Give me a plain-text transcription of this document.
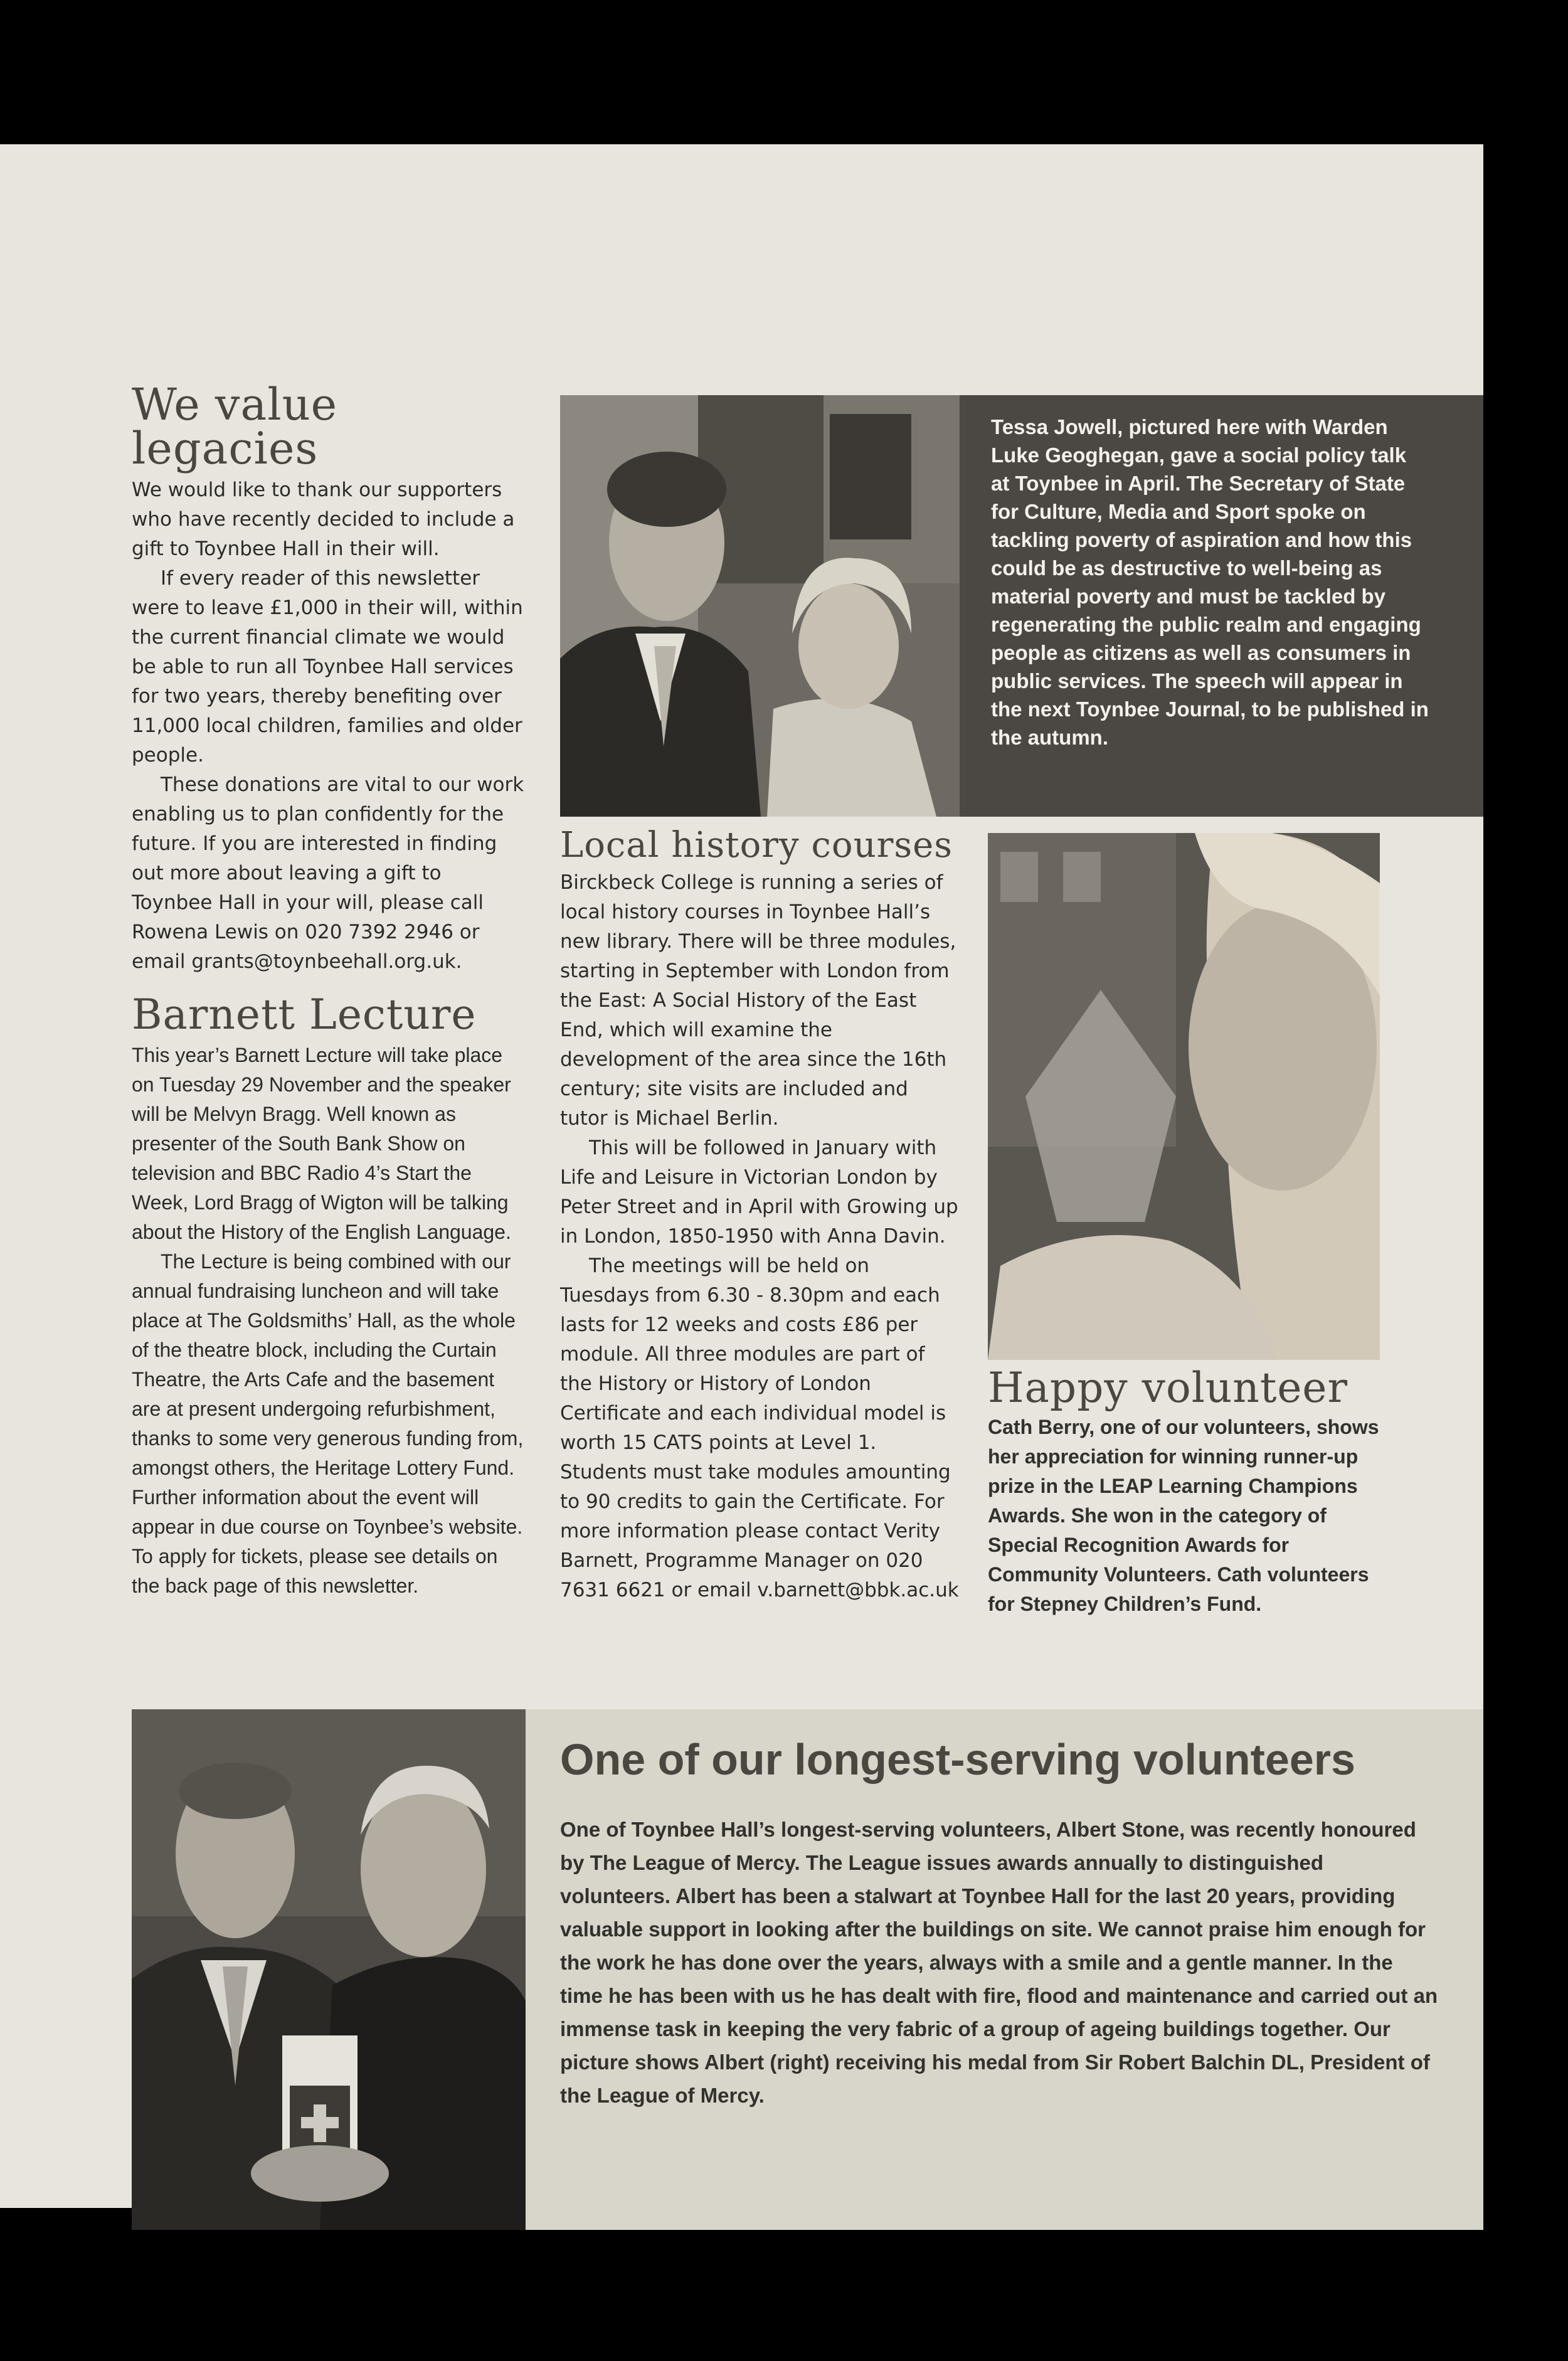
We value legacies

We would like to thank our supporters who have recently decided to include a gift to Toynbee Hall in their will.

If every reader of this newsletter were to leave £1,000 in their will, within the current financial climate we would be able to run all Toynbee Hall services for two years, thereby benefiting over 11,000 local children, families and older people.

These donations are vital to our work enabling us to plan confidently for the future. If you are interested in finding out more about leaving a gift to Toynbee Hall in your will, please call Rowena Lewis on 020 7392 2946 or email grants@toynbeehall.org.uk.

Barnett Lecture

This year’s Barnett Lecture will take place on Tuesday 29 November and the speaker will be Melvyn Bragg. Well known as presenter of the South Bank Show on television and BBC Radio 4’s Start the Week, Lord Bragg of Wigton will be talking about the History of the English Language.

The Lecture is being combined with our annual fundraising luncheon and will take place at The Goldsmiths’ Hall, as the whole of the theatre block, including the Curtain Theatre, the Arts Cafe and the basement are at present undergoing refurbishment, thanks to some very generous funding from, amongst others, the Heritage Lottery Fund. Further information about the event will appear in due course on Toynbee’s website. To apply for tickets, please see details on the back page of this newsletter.

Tessa Jowell, pictured here with Warden Luke Geoghegan, gave a social policy talk at Toynbee in April. The Secretary of State for Culture, Media and Sport spoke on tackling poverty of aspiration and how this could be as destructive to well-being as material poverty and must be tackled by regenerating the public realm and engaging people as citizens as well as consumers in public services. The speech will appear in the next Toynbee Journal, to be published in the autumn.

Local history courses

Birckbeck College is running a series of local history courses in Toynbee Hall’s new library. There will be three modules, starting in September with London from the East: A Social History of the East End, which will examine the development of the area since the 16th century; site visits are included and tutor is Michael Berlin.

This will be followed in January with Life and Leisure in Victorian London by Peter Street and in April with Growing up in London, 1850-1950 with Anna Davin.

The meetings will be held on Tuesdays from 6.30 - 8.30pm and each lasts for 12 weeks and costs £86 per module. All three modules are part of the History or History of London Certificate and each individual model is worth 15 CATS points at Level 1. Students must take modules amounting to 90 credits to gain the Certificate. For more information please contact Verity Barnett, Programme Manager on 020 7631 6621 or email v.barnett@bbk.ac.uk

Happy volunteer

Cath Berry, one of our volunteers, shows her appreciation for winning runner-up prize in the LEAP Learning Champions Awards. She won in the category of Special Recognition Awards for Community Volunteers. Cath volunteers for Stepney Children’s Fund.

One of our longest-serving volunteers

One of Toynbee Hall’s longest-serving volunteers, Albert Stone, was recently honoured by The League of Mercy. The League issues awards annually to distinguished volunteers. Albert has been a stalwart at Toynbee Hall for the last 20 years, providing valuable support in looking after the buildings on site. We cannot praise him enough for the work he has done over the years, always with a smile and a gentle manner. In the time he has been with us he has dealt with fire, flood and maintenance and carried out an immense task in keeping the very fabric of a group of ageing buildings together. Our picture shows Albert (right) receiving his medal from Sir Robert Balchin DL, President of the League of Mercy.
